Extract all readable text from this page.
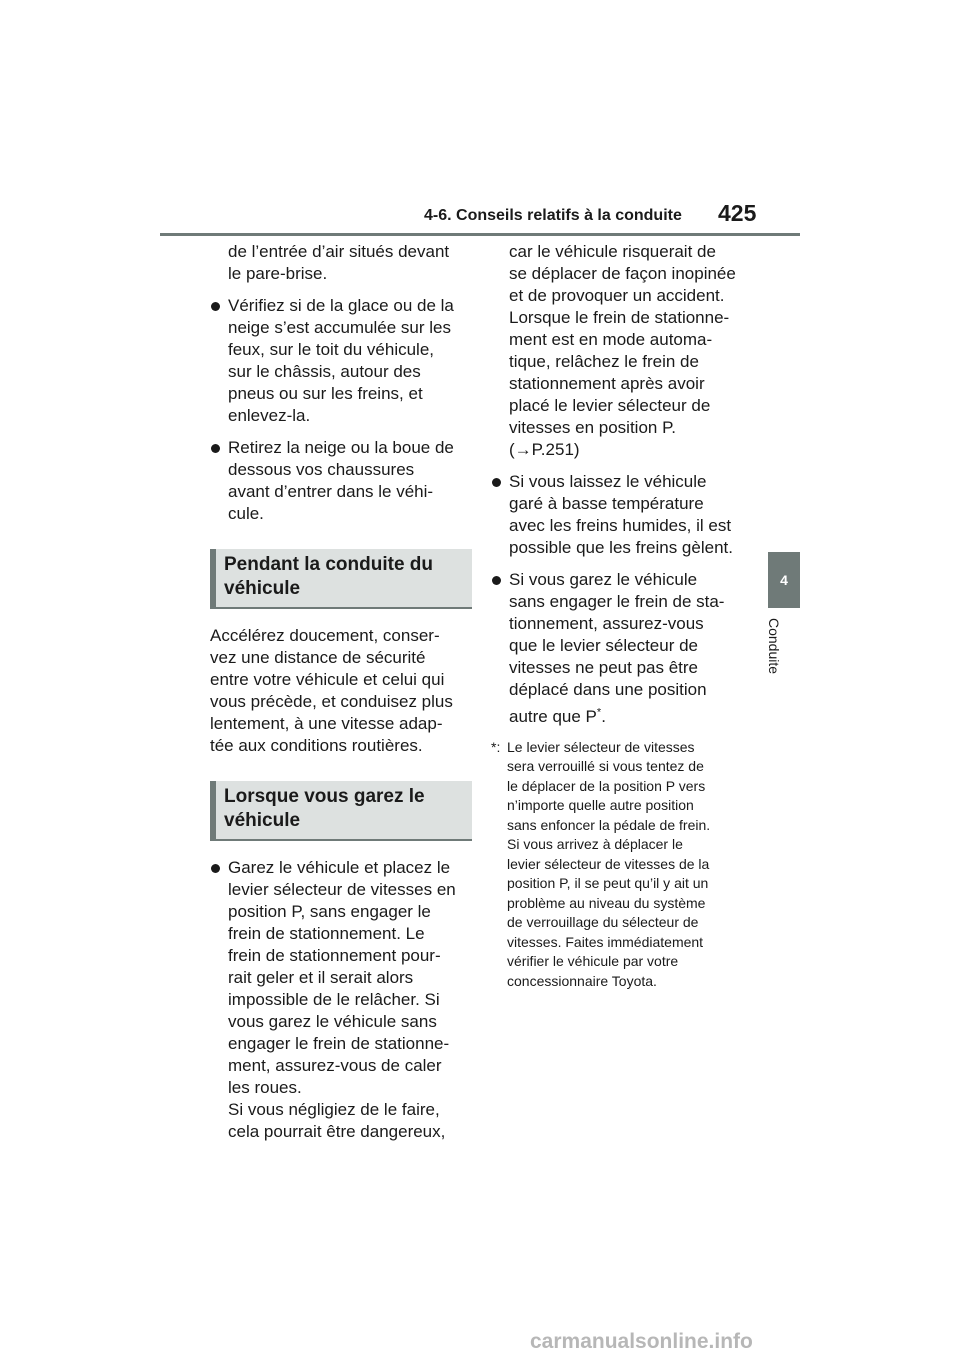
4-6. Conseils relatifs à la conduite 425
4
Conduite
de l’entrée d’air situés devant
le pare-brise.
Vérifiez si de la glace ou de la
neige s’est accumulée sur les
feux, sur le toit du véhicule,
sur le châssis, autour des
pneus ou sur les freins, et
enlevez-la.
Retirez la neige ou la boue de
dessous vos chaussures
avant d’entrer dans le véhi-
cule.
Pendant la conduite du
véhicule
Accélérez doucement, conser-
vez une distance de sécurité
entre votre véhicule et celui qui
vous précède, et conduisez plus
lentement, à une vitesse adap-
tée aux conditions routières.
Lorsque vous garez le
véhicule
Garez le véhicule et placez le
levier sélecteur de vitesses en
position P, sans engager le
frein de stationnement. Le
frein de stationnement pour-
rait geler et il serait alors
impossible de le relâcher. Si
vous garez le véhicule sans
engager le frein de stationne-
ment, assurez-vous de caler
les roues.
Si vous négligiez de le faire,
cela pourrait être dangereux,
car le véhicule risquerait de
se déplacer de façon inopinée
et de provoquer un accident.
Lorsque le frein de stationne-
ment est en mode automa-
tique, relâchez le frein de
stationnement après avoir
placé le levier sélecteur de
vitesses en position P.
(→P.251)
Si vous laissez le véhicule
garé à basse température
avec les freins humides, il est
possible que les freins gèlent.
Si vous garez le véhicule
sans engager le frein de sta-
tionnement, assurez-vous
que le levier sélecteur de
vitesses ne peut pas être
déplacé dans une position
autre que P*.
*: Le levier sélecteur de vitesses
sera verrouillé si vous tentez de
le déplacer de la position P vers
n’importe quelle autre position
sans enfoncer la pédale de frein.
Si vous arrivez à déplacer le
levier sélecteur de vitesses de la
position P, il se peut qu’il y ait un
problème au niveau du système
de verrouillage du sélecteur de
vitesses. Faites immédiatement
vérifier le véhicule par votre
concessionnaire Toyota.
carmanualsonline.info
